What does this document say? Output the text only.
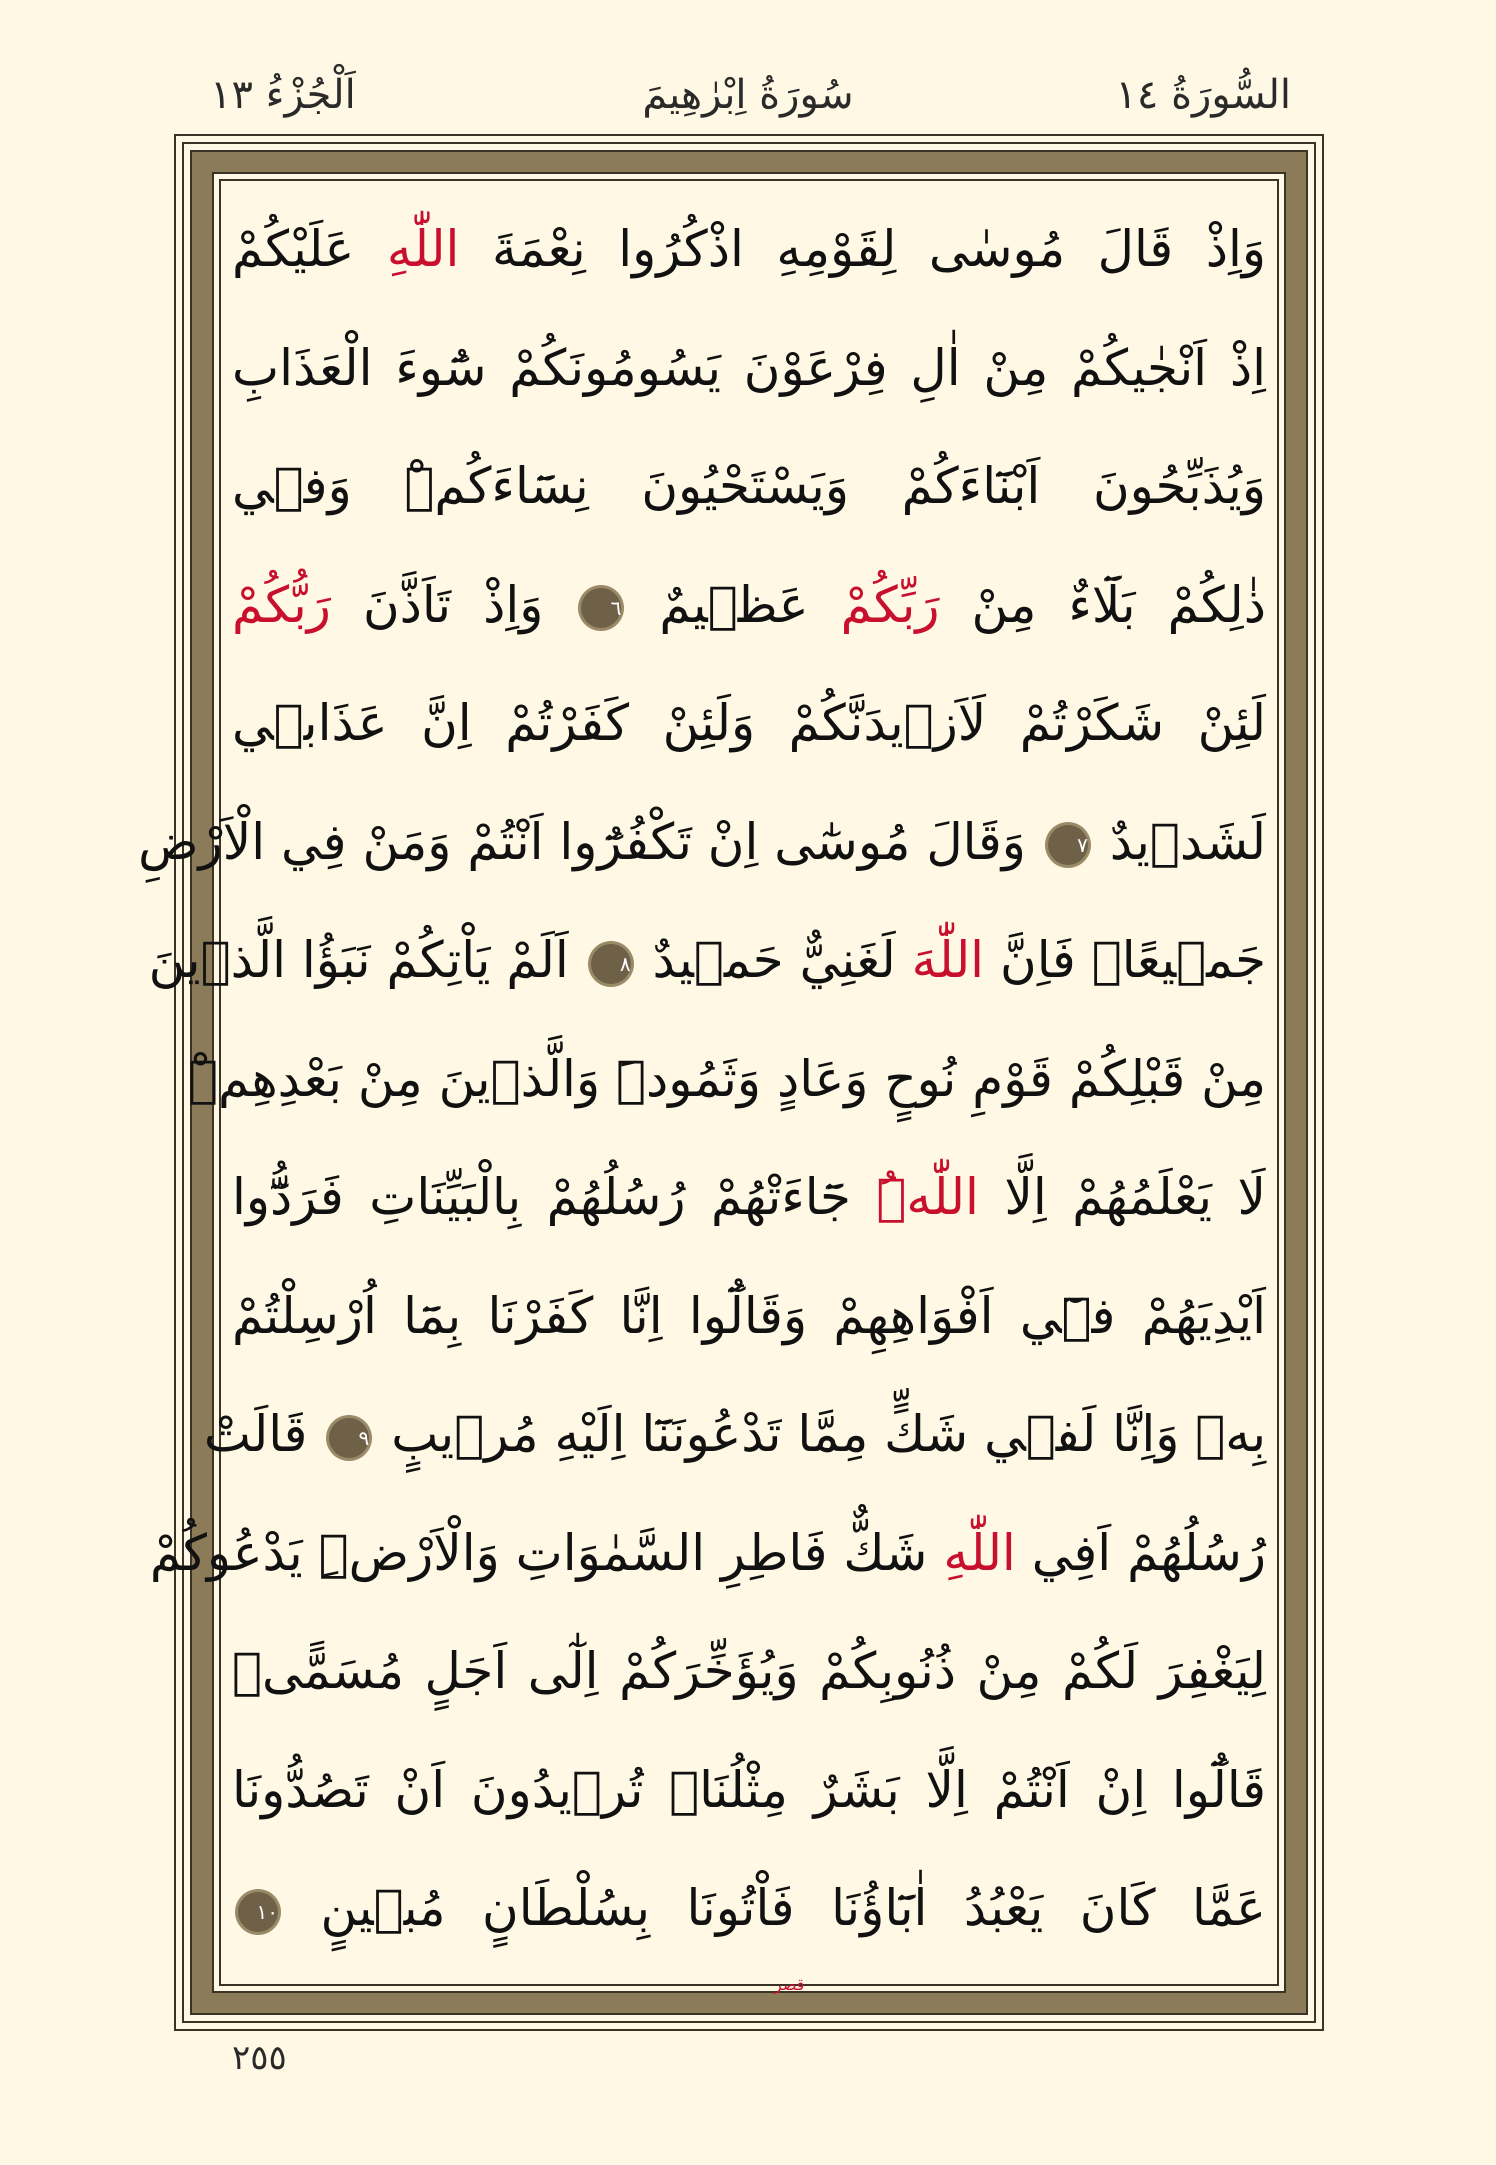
السُّورَةُ ١٤
سُورَةُ اِبْرٰهِيمَ
اَلْجُزْءُ ١٣
وَاِذْ قَالَ مُوسٰى لِقَوْمِهِ اذْكُرُوا نِعْمَةَ اللّٰهِ عَلَيْكُمْ
اِذْ اَنْجٰيكُمْ مِنْ اٰلِ فِرْعَوْنَ يَسُومُونَكُمْ سُٓوءَ الْعَذَابِ
وَيُذَبِّحُونَ اَبْنَٓاءَكُمْ وَيَسْتَحْيُونَ نِسَٓاءَكُمْۜ وَفٖي
ذٰلِكُمْ بَلَٓاءٌ مِنْ رَبِّكُمْ عَظٖيمٌ ٦ وَاِذْ تَاَذَّنَ رَبُّكُمْ
لَئِنْ شَكَرْتُمْ لَاَزٖيدَنَّكُمْ وَلَئِنْ كَفَرْتُمْ اِنَّ عَذَابٖي
لَشَدٖيدٌ ٧ وَقَالَ مُوسٰٓى اِنْ تَكْفُرُٓوا اَنْتُمْ وَمَنْ فِي الْاَرْضِ
جَمٖيعًاۙ فَاِنَّ اللّٰهَ لَغَنِيٌّ حَمٖيدٌ ٨ اَلَمْ يَاْتِكُمْ نَبَؤُا الَّذٖينَ
مِنْ قَبْلِكُمْ قَوْمِ نُوحٍ وَعَادٍ وَثَمُودَۜ وَالَّذٖينَ مِنْ بَعْدِهِمْۜ
لَا يَعْلَمُهُمْ اِلَّا اللّٰهُۜ جَٓاءَتْهُمْ رُسُلُهُمْ بِالْبَيِّنَاتِ فَرَدُّٓوا
اَيْدِيَهُمْ فٖٓي اَفْوَاهِهِمْ وَقَالُٓوا اِنَّا كَفَرْنَا بِمَٓا اُرْسِلْتُمْ
بِهٖ وَاِنَّا لَفٖي شَكٍّ مِمَّا تَدْعُونَنَٓا اِلَيْهِ مُرٖيبٍ ٩ قَالَتْ
رُسُلُهُمْ اَفِي اللّٰهِ شَكٌّ فَاطِرِ السَّمٰوَاتِ وَالْاَرْضِۜ يَدْعُوكُمْ
لِيَغْفِرَ لَكُمْ مِنْ ذُنُوبِكُمْ وَيُؤَخِّرَكُمْ اِلٰٓى اَجَلٍ مُسَمًّىۜ
قَالُٓوا اِنْ اَنْتُمْ اِلَّا بَشَرٌ مِثْلُنَاۜ تُرٖيدُونَ اَنْ تَصُدُّونَا
عَمَّا كَانَ يَعْبُدُ اٰبَٓاؤُنَا فَاْتُونَا بِسُلْطَانٍ مُبٖينٍ ١٠
قصر
٢٥٥
